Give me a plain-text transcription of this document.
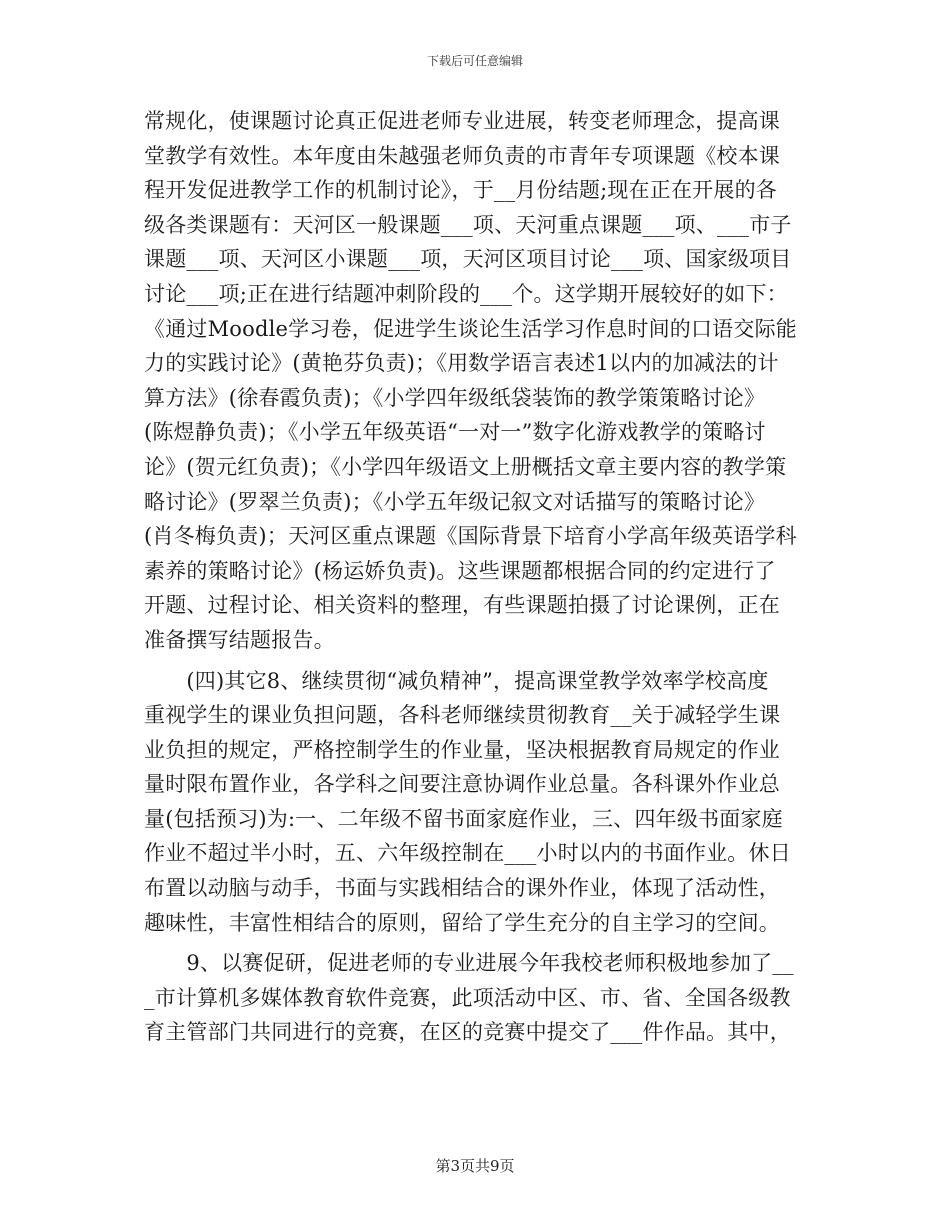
下载后可任意编辑
常规化，使课题讨论真正促进老师专业进展，转变老师理念，提高课
堂教学有效性。本年度由朱越强老师负责的市青年专项课题《校本课
程开发促进教学工作的机制讨论》，于__月份结题;现在正在开展的各
级各类课题有：天河区一般课题___项、天河重点课题___项、___市子
课题___项、天河区小课题___项，天河区项目讨论___项、国家级项目
讨论___项;正在进行结题冲刺阶段的___个。这学期开展较好的如下：
《通过Moodle学习卷，促进学生谈论生活学习作息时间的口语交际能
力的实践讨论》(黄艳芬负责)；《用数学语言表述1以内的加减法的计
算方法》(徐春霞负责)；《小学四年级纸袋装饰的教学策策略讨论》
(陈煜静负责)；《小学五年级英语“一对一”数字化游戏教学的策略讨
论》(贺元红负责)；《小学四年级语文上册概括文章主要内容的教学策
略讨论》(罗翠兰负责)；《小学五年级记叙文对话描写的策略讨论》
(肖冬梅负责)；天河区重点课题《国际背景下培育小学高年级英语学科
素养的策略讨论》(杨运娇负责)。这些课题都根据合同的约定进行了
开题、过程讨论、相关资料的整理，有些课题拍摄了讨论课例，正在
准备撰写结题报告。
　　(四)其它8、继续贯彻“减负精神”，提高课堂教学效率学校高度
重视学生的课业负担问题，各科老师继续贯彻教育__关于减轻学生课
业负担的规定，严格控制学生的作业量，坚决根据教育局规定的作业
量时限布置作业，各学科之间要注意协调作业总量。各科课外作业总
量(包括预习)为:一、二年级不留书面家庭作业，三、四年级书面家庭
作业不超过半小时，五、六年级控制在___小时以内的书面作业。休日
布置以动脑与动手，书面与实践相结合的课外作业，体现了活动性，
趣味性，丰富性相结合的原则，留给了学生充分的自主学习的空间。
　　9、以赛促研，促进老师的专业进展今年我校老师积极地参加了__
_市计算机多媒体教育软件竞赛，此项活动中区、市、省、全国各级教
育主管部门共同进行的竞赛，在区的竞赛中提交了___件作品。其中，
第3页共9页
